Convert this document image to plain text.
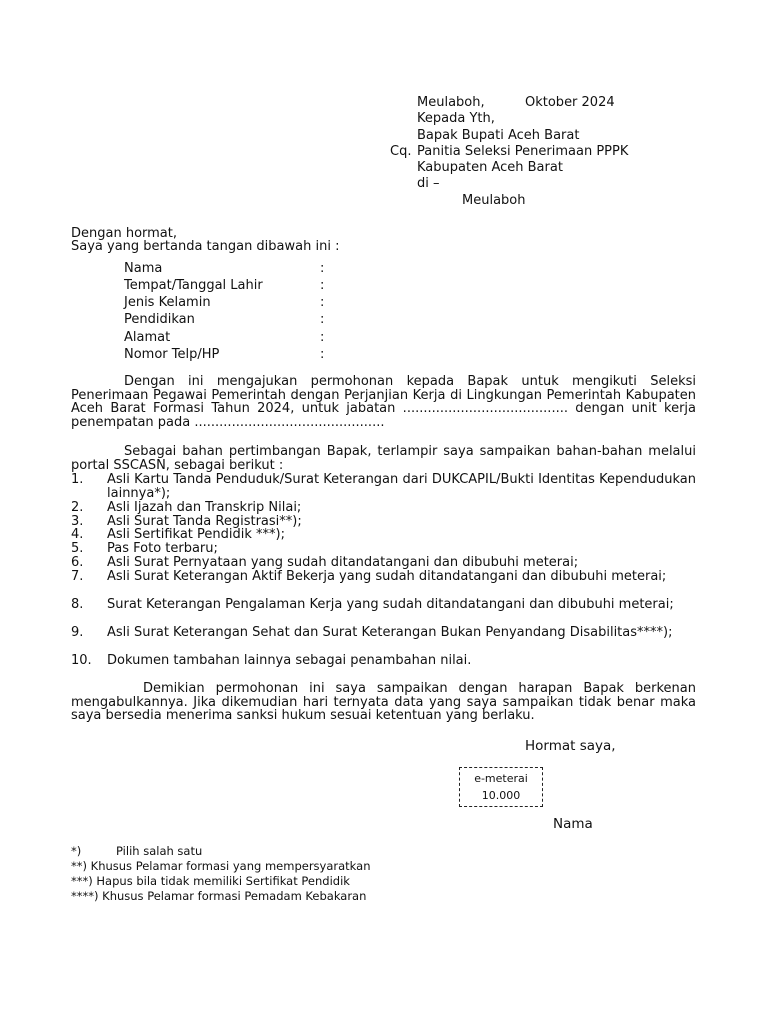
Meulaboh,	Oktober 2024
Kepada Yth,
Bapak Bupati Aceh Barat
Cq. Panitia Seleksi Penerimaan PPPK
Kabupaten Aceh Barat
di –
Meulaboh
Dengan hormat,
Saya yang bertanda tangan dibawah ini :
Nama	:
Tempat/Tanggal Lahir	:
Jenis Kelamin	:
Pendidikan	:
Alamat	:
Nomor Telp/HP	:
Dengan ini mengajukan permohonan kepada Bapak untuk mengikuti Seleksi Penerimaan Pegawai Pemerintah dengan Perjanjian Kerja di Lingkungan Pemerintah Kabupaten Aceh Barat Formasi Tahun 2024, untuk jabatan ........................................ dengan unit kerja penempatan pada ..............................................
Sebagai bahan pertimbangan Bapak, terlampir saya sampaikan bahan-bahan melalui portal SSCASN, sebagai berikut :
1. Asli Kartu Tanda Penduduk/Surat Keterangan dari DUKCAPIL/Bukti Identitas Kependudukan lainnya*);
2. Asli Ijazah dan Transkrip Nilai;
3. Asli Surat Tanda Registrasi**);
4. Asli Sertifikat Pendidik ***);
5. Pas Foto terbaru;
6. Asli Surat Pernyataan yang sudah ditandatangani dan dibubuhi meterai;
7. Asli Surat Keterangan Aktif Bekerja yang sudah ditandatangani dan dibubuhi meterai;
8. Surat Keterangan Pengalaman Kerja yang sudah ditandatangani dan dibubuhi meterai;
9. Asli Surat Keterangan Sehat dan Surat Keterangan Bukan Penyandang Disabilitas****);
10. Dokumen tambahan lainnya sebagai penambahan nilai.
Demikian permohonan ini saya sampaikan dengan harapan Bapak berkenan mengabulkannya. Jika dikemudian hari ternyata data yang saya sampaikan tidak benar maka saya bersedia menerima sanksi hukum sesuai ketentuan yang berlaku.
Hormat saya,
e-meterai
10.000
Nama
*)	Pilih salah satu
**) Khusus Pelamar formasi yang mempersyaratkan
***) Hapus bila tidak memiliki Sertifikat Pendidik
****) Khusus Pelamar formasi Pemadam Kebakaran
